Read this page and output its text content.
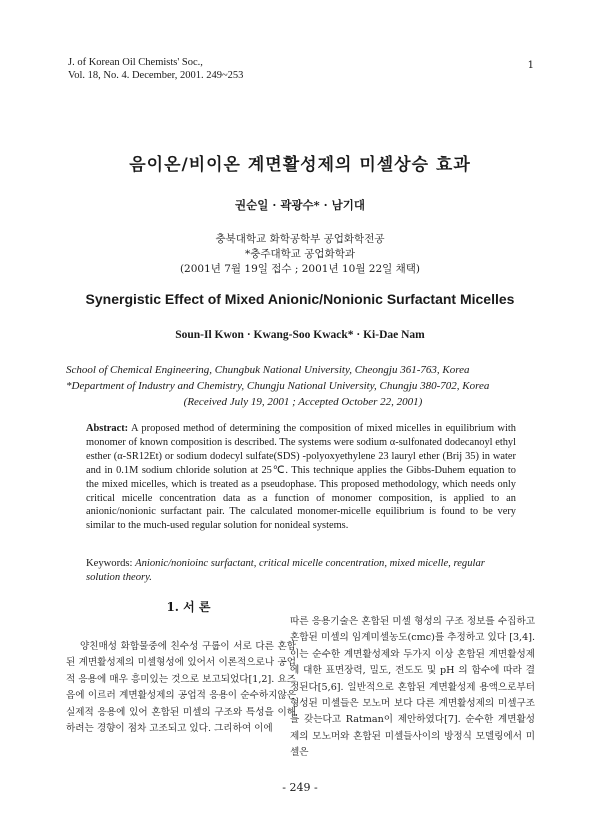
J. of Korean Oil Chemists' Soc.,
Vol. 18, No. 4. December, 2001. 249~253
1
음이온/비이온 계면활성제의 미셀상승 효과
권순일 · 곽광수* · 남기대
충북대학교 화학공학부 공업화학전공
*충주대학교 공업화학과
(2001년 7월 19일 접수 ; 2001년 10월 22일 채택)
Synergistic Effect of Mixed Anionic/Nonionic Surfactant Micelles
Soun-Il Kwon · Kwang-Soo Kwack* · Ki-Dae Nam
School of Chemical Engineering, Chungbuk National University, Cheongju 361-763, Korea
*Department of Industry and Chemistry, Chungju National University, Chungju 380-702, Korea
(Received July 19, 2001 ; Accepted October 22, 2001)
Abstract: A proposed method of determining the composition of mixed micelles in equilibrium with monomer of known composition is described. The systems were sodium α-sulfonated dodecanoyl ethyl esther (α-SR12Et) or sodium dodecyl sulfate(SDS) -polyoxyethylene 23 lauryl ether (Brij 35) in water and in 0.1M sodium chloride solution at 25℃. This technique applies the Gibbs-Duhem equation to the mixed micelles, which is treated as a pseudophase. This proposed methodology, which needs only critical micelle concentration data as a function of monomer composition, is applied to an anionic/nonionic surfactant pair. The calculated monomer-micelle equilibrium is found to be very similar to the much-used regular solution for nonideal systems.
Keywords: Anionic/nonioinc surfactant, critical micelle concentration, mixed micelle, regular solution theory.
1. 서 론
양친매성 화합물중에 친수성 구룹이 서로 다른 혼합된 계면활성제의 미셀형성에 있어서 이론적으로나 공업적 응용에 매우 흥미있는 것으로 보고되었다[1,2]. 요즈음에 이르러 계면활성제의 공업적 응용이 순수하지않은 실제적 응용에 있어 혼합된 미셀의 구조와 특성을 이해하려는 경향이 점차 고조되고 있다. 그리하여 이에
따른 응용기술은 혼합된 미셀 형성의 구조 정보를 수집하고 혼합된 미셀의 임계미셀농도(cmc)를 추정하고 있다 [3,4]. 이는 순수한 계면활성제와 두가지 이상 혼합된 계면활성제에 대한 표면장력, 밀도, 전도도 및 pH 의 함수에 따라 결정된다[5,6]. 일반적으로 혼합된 계면활성제 용액으로부터 형성된 미셀들은 모노머 보다 다른 계면활성제의 미셀구조를 갖는다고 Ratman이 제안하였다[7]. 순수한 계면활성제의 모노머와 혼합된 미셀들사이의 방정식 모델링에서 미셀은
- 249 -
